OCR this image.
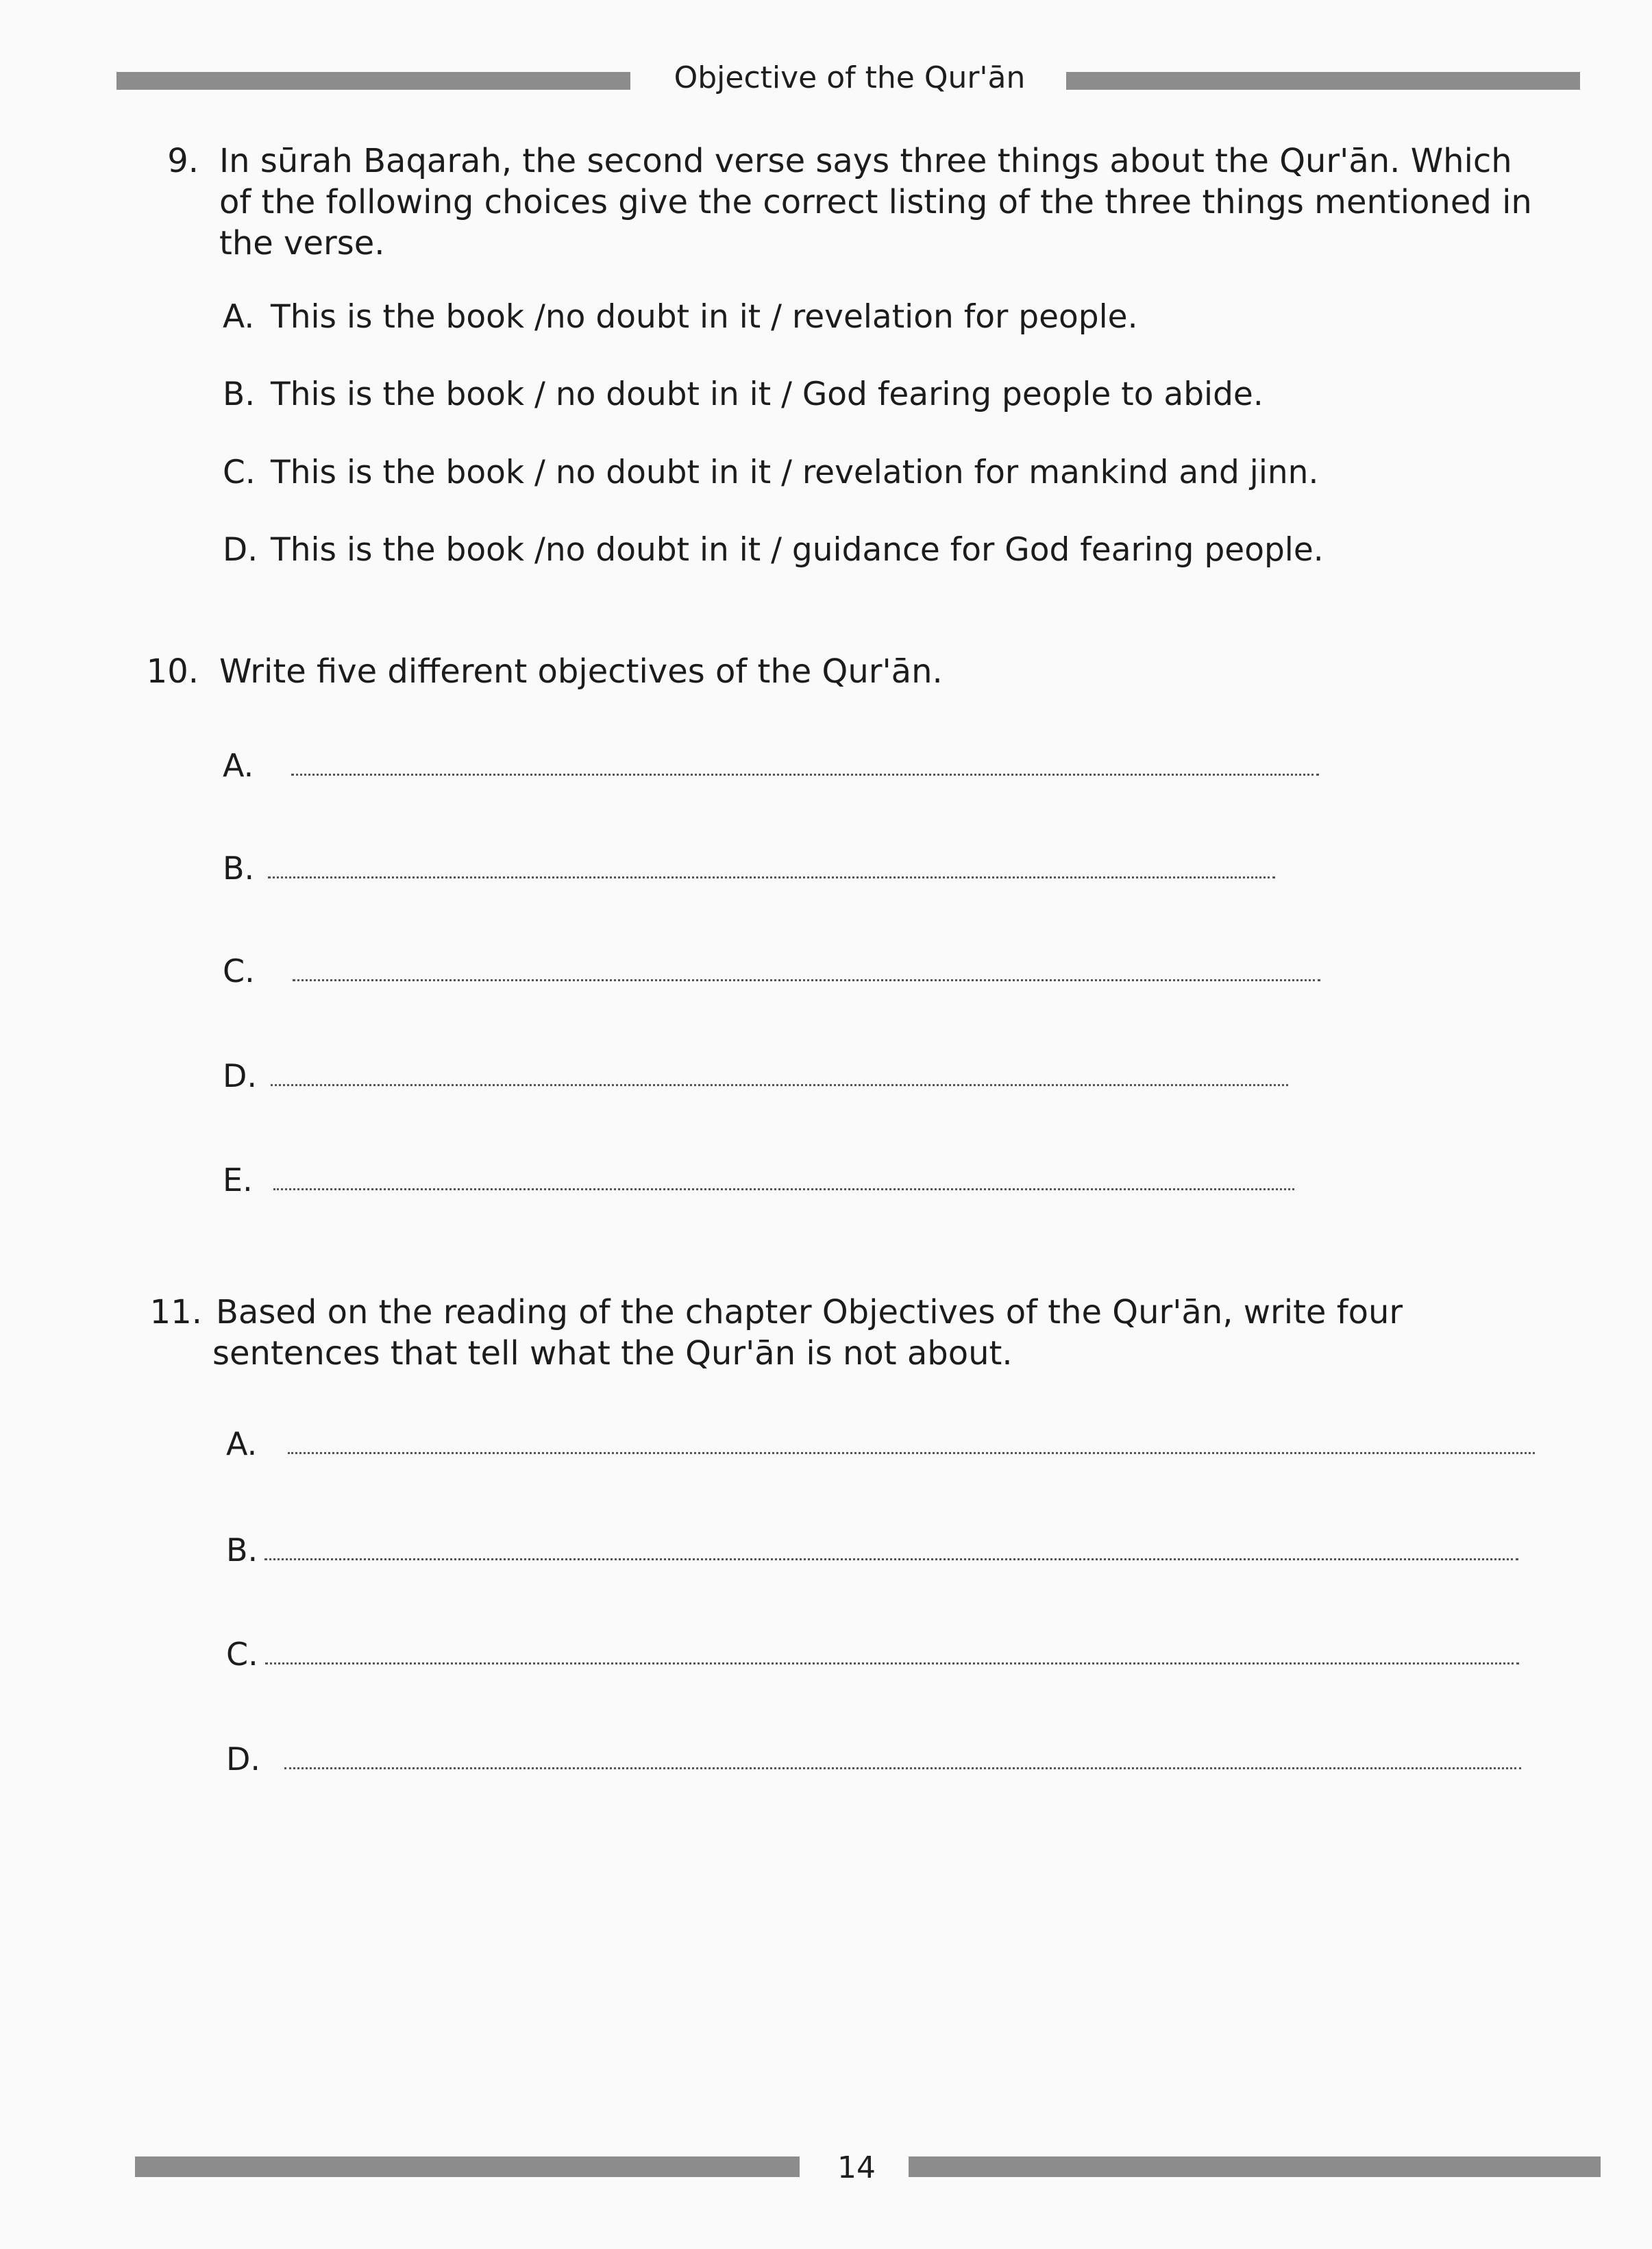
Objective of the Qur'ān
9. In sūrah Baqarah, the second verse says three things about the Qur'ān. Which
of the following choices give the correct listing of the three things mentioned in
the verse.
A. This is the book /no doubt in it / revelation for people.
B. This is the book / no doubt in it / God fearing people to abide.
C. This is the book / no doubt in it / revelation for mankind and jinn.
D. This is the book /no doubt in it / guidance for God fearing people.
10. Write five different objectives of the Qur'ān.
A.
B.
C.
D.
E.
11. Based on the reading of the chapter Objectives of the Qur'ān, write four
sentences that tell what the Qur'ān is not about.
A.
B.
C.
D.
14
